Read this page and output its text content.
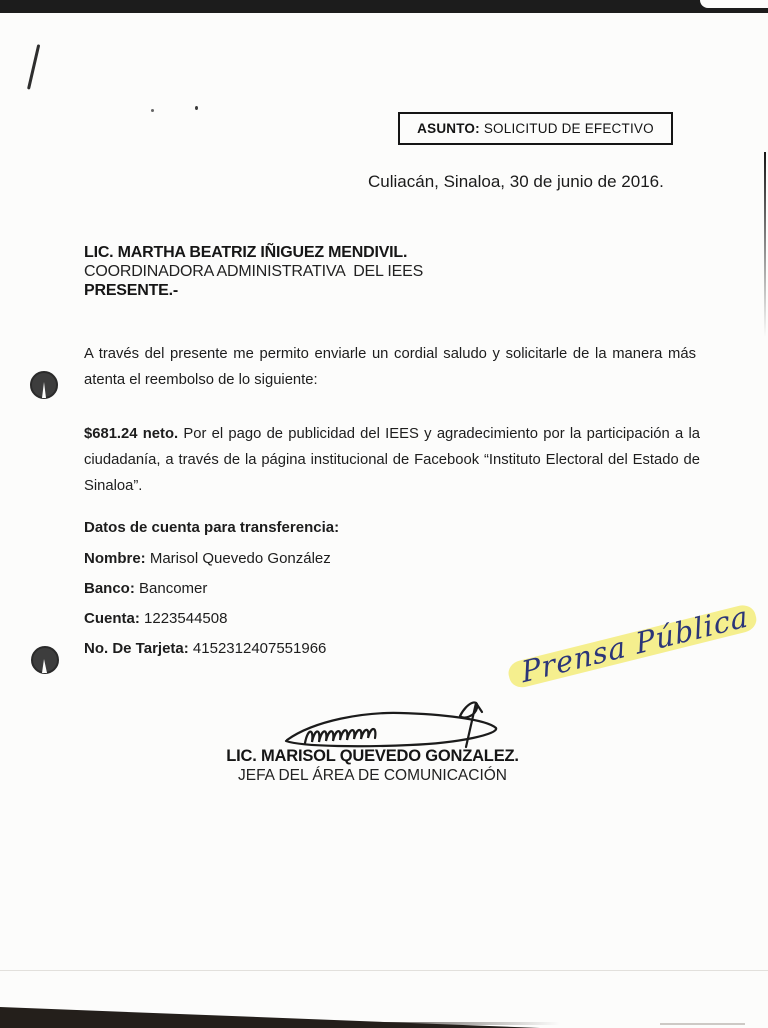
ASUNTO: SOLICITUD DE EFECTIVO
Culiacán, Sinaloa, 30 de junio de 2016.
LIC. MARTHA BEATRIZ IÑIGUEZ MENDIVIL.
COORDINADORA ADMINISTRATIVA  DEL IEES
PRESENTE.-
A través del presente me permito enviarle un cordial saludo y solicitarle de la manera más atenta el reembolso de lo siguiente:
$681.24 neto. Por el pago de publicidad del IEES y agradecimiento por la participación a la ciudadanía, a través de la página institucional de Facebook “Instituto Electoral del Estado de Sinaloa”.
Datos de cuenta para transferencia:
Nombre: Marisol Quevedo González
Banco: Bancomer
Cuenta: 1223544508
No. De Tarjeta: 4152312407551966	Prensa Pública
LIC. MARISOL QUEVEDO GONZALEZ.
JEFA DEL ÁREA DE COMUNICACIÓN
